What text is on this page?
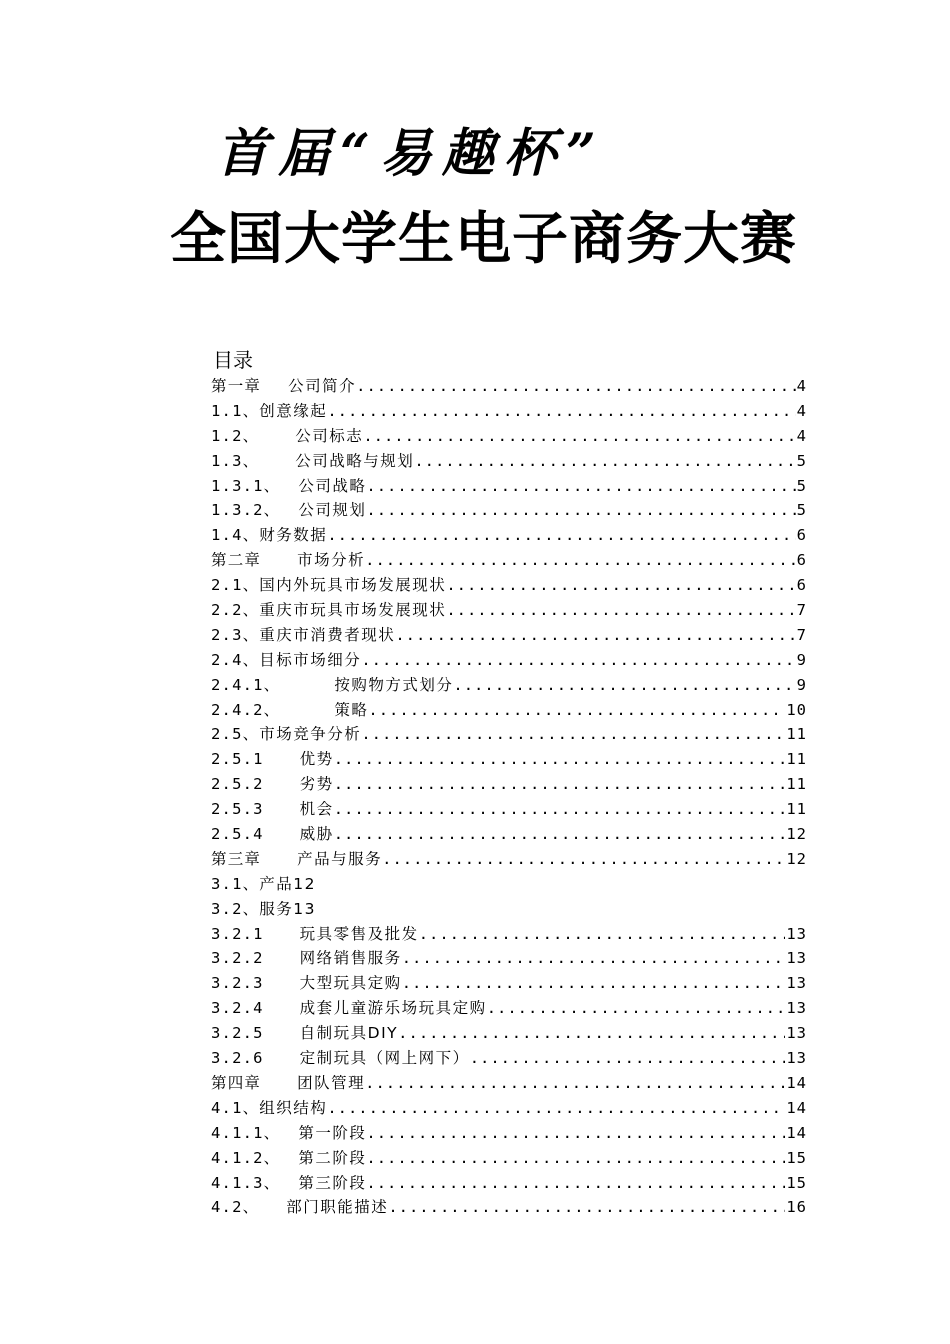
首届“易趣杯”
全国大学生电子商务大赛
目录
第一章 公司简介 .....	4
1.1、 创意缘起 .....	4
1.2、 公司标志 .....	4
1.3、 公司战略与规划 .....	5
1.3.1、 公司战略 .....	5
1.3.2、 公司规划 .....	5
1.4、 财务数据 .....	6
第二章 市场分析 .....	6
2.1、 国内外玩具市场发展现状 .....	6
2.2、 重庆市玩具市场发展现状 .....	7
2.3、 重庆市消费者现状 .....	7
2.4、 目标市场细分 .....	9
2.4.1、	按购物方式划分 .....	9
2.4.2、	策略 .....	10
2.5、 市场竞争分析 .....	11
2.5.1 优势 .....	11
2.5.2 劣势 .....	11
2.5.3 机会 .....	11
2.5.4 威胁 .....	12
第三章 产品与服务 .....	12
3.1、 产品12
3.2、 服务13
3.2.1 玩具零售及批发 .....	13
3.2.2 网络销售服务 .....	13
3.2.3 大型玩具定购 .....	13
3.2.4 成套儿童游乐场玩具定购 .....	13
3.2.5 自制玩具DIY .....	13
3.2.6 定制玩具（网上网下） .....	13
第四章 团队管理 .....	14
4.1、 组织结构 .....	14
4.1.1、 第一阶段 .....	14
4.1.2、 第二阶段 .....	15
4.1.3、 第三阶段 .....	15
4.2、 部门职能描述 .....	16
